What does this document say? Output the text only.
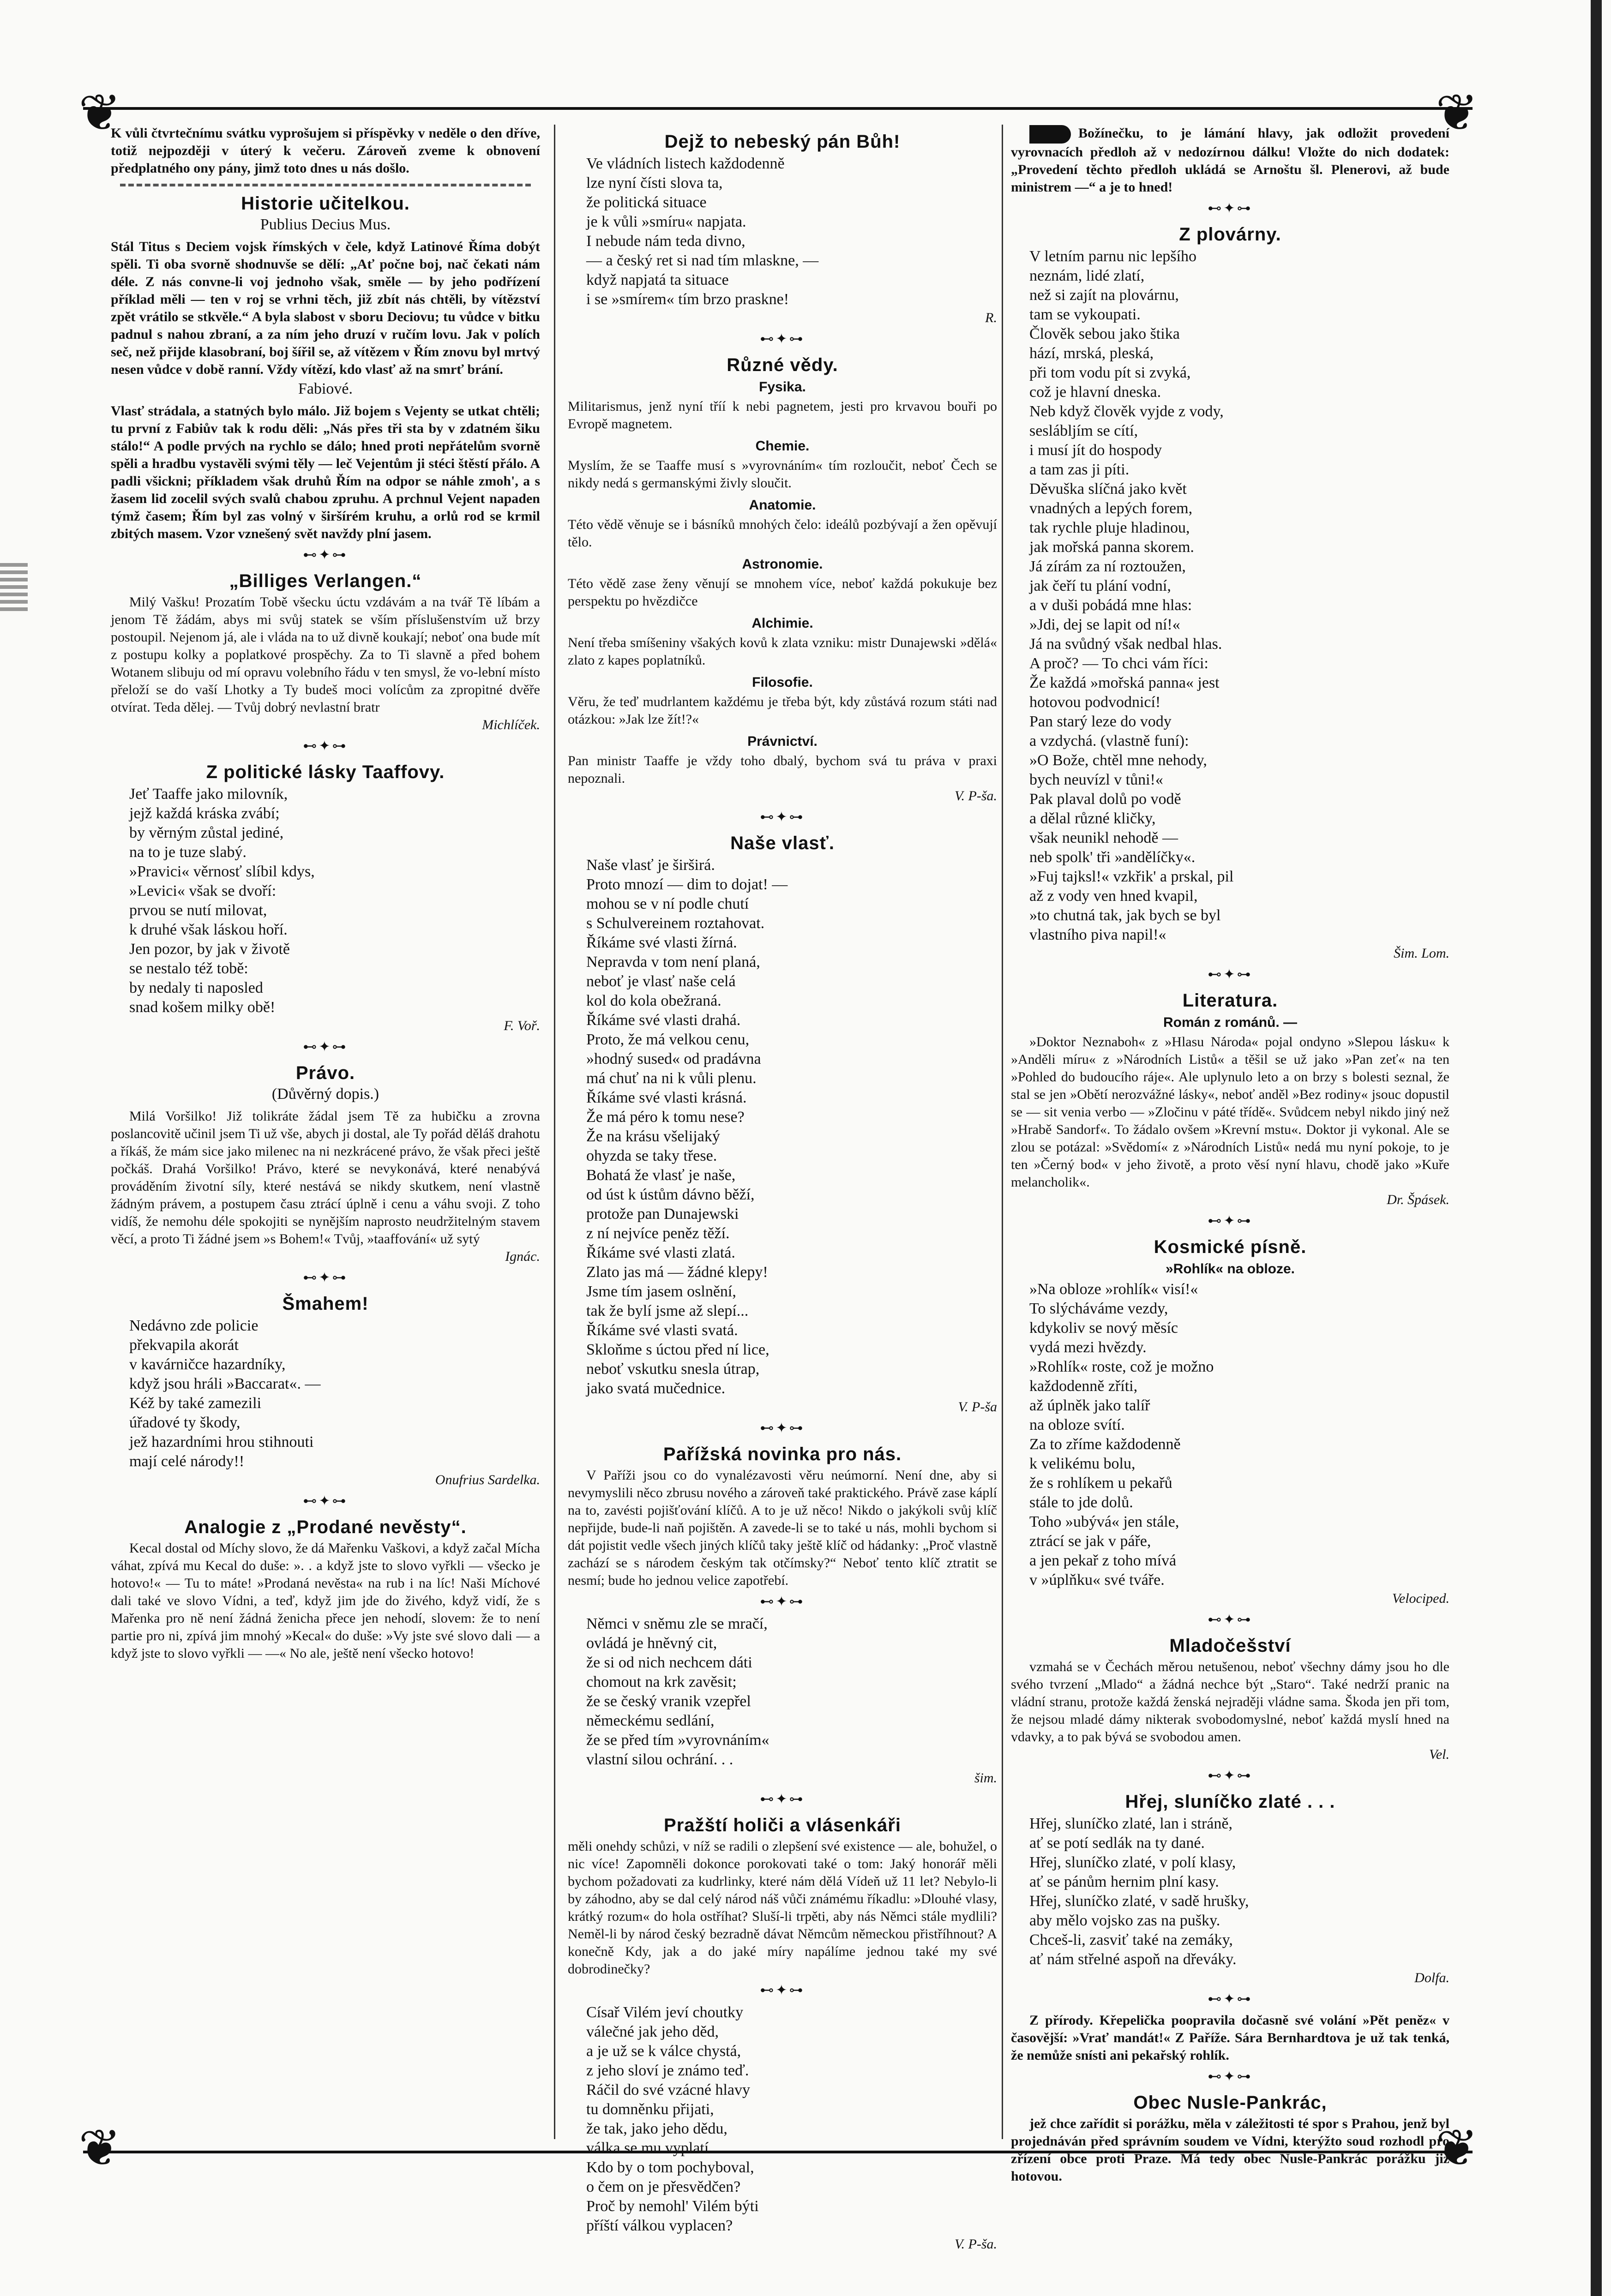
❦	❦
❦	❦

K vůli čtvrtečnímu svátku vyprošujem si příspěvky v neděle o den dříve, totiž nejpozději v úterý k večeru. Zároveň zveme k obnovení předplatného ony pány, jimž toto dnes u nás došlo.

Historie učitelkou.
Publius Decius Mus.

Stál Titus s Deciem vojsk římských v čele, když Latinové Říma dobýt spěli. Ti oba svorně shodnuvše se dělí: „Ať počne boj, nač čekati nám déle. Z nás convne-li voj jednoho však, směle — by jeho podřízení příklad měli — ten v roj se vrhni těch, již zbít nás chtěli, by vítězství zpět vrátilo se stkvěle.“ A byla slabost v sboru Deciovu; tu vůdce v bitku padnul s nahou zbraní, a za ním jeho druzí v ručím lovu. Jak v polích seč, než přijde klasobraní, boj šířil se, až vítězem v Řím znovu byl mrtvý nesen vůdce v době ranní. Vždy vítězí, kdo vlasť až na smrť brání.

Fabiové.

Vlasť strádala, a statných bylo málo. Již bojem s Vejenty se utkat chtěli; tu první z Fabiův tak k rodu děli: „Nás přes tři sta by v zdatném šiku stálo!“ A podle prvých na rychlo se dálo; hned proti nepřátelům svorně spěli a hradbu vystavěli svými těly — leč Vejentům ji stéci štěstí přálo. A padli všickni; příkladem však druhů Řím na odpor se náhle zmoh', a s žasem lid zocelil svých svalů chabou zpruhu. A prchnul Vejent napaden týmž časem; Řím byl zas volný v širšírém kruhu, a orlů rod se krmil zbitých masem. Vzor vznešený svět navždy plní jasem.

⊷✦⊶
„Billiges Verlangen.“

Milý Vašku! Prozatím Tobě všecku úctu vzdávám a na tvář Tě líbám a jenom Tě žádám, abys mi svůj statek se vším příslušenstvím už brzy postoupil. Nejenom já, ale i vláda na to už divně koukají; neboť ona bude mít z postupu kolky a poplatkové prospěchy. Za to Ti slavně a před bohem Wotanem slibuju od mí opravu volebního řádu v ten smysl, že vo-lební místo přeloží se do vaší Lhotky a Ty budeš moci volícům za zpropitné dvěře otvírat. Teda dělej. — Tvůj dobrý nevlastní bratr

Michlíček.
⊷✦⊶
Z politické lásky Taaffovy.
Jeť Taaffe jako milovník,
jejž každá kráska zvábí;
by věrným zůstal jediné,
na to je tuze slabý.
»Pravici« věrnosť slíbil kdys,
»Levici« však se dvoří:
prvou se nutí milovat,
k druhé však láskou hoří.
Jen pozor, by jak v životě
se nestalo též tobě:
by nedaly ti naposled
snad košem milky obě!
F. Voř.
⊷✦⊶
Právo.
(Důvěrný dopis.)

Milá Voršilko! Již tolikráte žádal jsem Tě za hubičku a zrovna poslancovitě učinil jsem Ti už vše, abych ji dostal, ale Ty pořád děláš drahotu a říkáš, že mám sice jako milenec na ni nezkrácené právo, že však přeci ještě počkáš. Drahá Voršilko! Právo, které se nevykonává, které nenabývá prováděním životní síly, které nestává se nikdy skutkem, není vlastně žádným právem, a postupem času ztrácí úplně i cenu a váhu svoji. Z toho vidíš, že nemohu déle spokojiti se nynějším naprosto neudržitelným stavem věcí, a proto Ti žádné jsem »s Bohem!« Tvůj, »taaffování« už sytý

Ignác.
⊷✦⊶
Šmahem!
Nedávno zde policie
překvapila akorát
v kavárničce hazardníky,
když jsou hráli »Baccarat«. —
Kéž by také zamezili
úřadové ty škody,
jež hazardními hrou stihnouti
mají celé národy!!
Onufrius Sardelka.
⊷✦⊶
Analogie z „Prodané nevěsty“.

Kecal dostal od Míchy slovo, že dá Mařenku Vaškovi, a když začal Mícha váhat, zpívá mu Kecal do duše: ». . a když jste to slovo vyřkli — všecko je hotovo!« — Tu to máte! »Prodaná nevěsta« na rub i na líc! Naši Míchové dali také ve slovo Vídni, a teď, když jim jde do živého, když vidí, že s Mařenka pro ně není žádná ženicha přece jen nehodí, slovem: že to není partie pro ni, zpívá jim mnohý »Kecal« do duše: »Vy jste své slovo dali — a když jste to slovo vyřkli — —« No ale, ještě není všecko hotovo!

Dejž to nebeský pán Bůh!
Ve vládních listech každodenně
lze nyní čísti slova ta,
že politická situace
je k vůli »smíru« napjata.
I nebude nám teda divno,
— a český ret si nad tím mlaskne, —
když napjatá ta situace
i se »smírem« tím brzo praskne!
R.
⊷✦⊶
Různé vědy.
Fysika.

Militarismus, jenž nyní tříí k nebi pagnetem, jesti pro krvavou bouři po Evropě magnetem.

Chemie.

Myslím, že se Taaffe musí s »vyrovnáním« tím rozloučit, neboť Čech se nikdy nedá s germanskými živly sloučit.

Anatomie.

Této vědě věnuje se i básníků mnohých čelo: ideálů pozbývají a žen opěvují tělo.

Astronomie.

Této vědě zase ženy věnují se mnohem více, neboť každá pokukuje bez perspektu po hvězdičce

Alchimie.

Není třeba smíšeniny všakých kovů k zlata vzniku: mistr Dunajewski »dělá« zlato z kapes poplatníků.

Filosofie.

Věru, že teď mudrlantem každému je třeba být, kdy zůstává rozum státi nad otázkou: »Jak lze žít!?«

Právnictví.

Pan ministr Taaffe je vždy toho dbalý, bychom svá tu práva v praxi nepoznali.

V. P-ša.
⊷✦⊶
Naše vlasť.
Naše vlasť je širširá.
Proto mnozí — dim to dojat! —
mohou se v ní podle chutí
s Schulvereinem roztahovat.
Říkáme své vlasti žírná.
Nepravda v tom není planá,
neboť je vlasť naše celá
kol do kola obežraná.
Říkáme své vlasti drahá.
Proto, že má velkou cenu,
»hodný sused« od pradávna
má chuť na ni k vůli plenu.
Říkáme své vlasti krásná.
Že má péro k tomu nese?
Že na krásu všelijaký
ohyzda se taky třese.
Bohatá že vlasť je naše,
od úst k ústům dávno běží,
protože pan Dunajewski
z ní nejvíce peněz těží.
Říkáme své vlasti zlatá.
Zlato jas má — žádné klepy!
Jsme tím jasem oslnění,
tak že bylí jsme až slepí...
Říkáme své vlasti svatá.
Skloňme s úctou před ní lice,
neboť vskutku snesla útrap,
jako svatá mučednice.
V. P-ša
⊷✦⊶
Pařížská novinka pro nás.

V Paříži jsou co do vynalézavosti věru neúmorní. Není dne, aby si nevymyslili něco zbrusu nového a zároveň také praktického. Právě zase káplí na to, zavésti pojišťování klíčů. A to je už něco! Nikdo o jakýkoli svůj klíč nepřijde, bude-li naň pojištěn. A zavede-li se to také u nás, mohli bychom si dát pojistit vedle všech jiných klíčů taky ještě klíč od hádanky: „Proč vlastně zachází se s národem českým tak otčímsky?“ Neboť tento klíč ztratit se nesmí; bude ho jednou velice zapotřebí.

⊷✦⊶
Němci v sněmu zle se mračí,
ovládá je hněvný cit,
že si od nich nechcem dáti
chomout na krk zavěsit;
že se český vranik vzepřel
německému sedlání,
že se před tím »vyrovnáním«
vlastní silou ochrání. . .
šim.
⊷✦⊶
Pražští holiči a vlásenkáři

měli onehdy schůzi, v níž se radili o zlepšení své existence — ale, bohužel, o nic více! Zapomněli dokonce porokovati také o tom: Jaký honorář měli bychom požadovati za kudrlinky, které nám dělá Vídeň už 11 let? Nebylo-li by záhodno, aby se dal celý národ náš vůči známému říkadlu: »Dlouhé vlasy, krátký rozum« do hola ostříhat? Sluší-li trpěti, aby nás Němci stále mydlili? Neměl-li by národ český bezradně dávat Němcům německou přistříhnout? A konečně Kdy, jak a do jaké míry napálíme jednou také my své dobrodinečky?

⊷✦⊶
Císař Vilém jeví choutky
válečné jak jeho děd,
a je už se k válce chystá,
z jeho sloví je známo teď.
Ráčil do své vzácné hlavy
tu domněnku přijati,
že tak, jako jeho dědu,
válka se mu vyplatí.
Kdo by o tom pochyboval,
o čem on je přesvědčen?
Proč by nemohl' Vilém býti
příští válkou vyplacen?
V. P-ša.

Božínečku, to je lámání hlavy, jak odložit provedení vyrovnacích předloh až v nedozírnou dálku! Vložte do nich dodatek: „Provedení těchto předloh ukládá se Arnoštu šl. Plenerovi, až bude ministrem —“ a je to hned!

⊷✦⊶
Z plovárny.
V letním parnu nic lepšího
neznám, lidé zlatí,
než si zajít na plovárnu,
tam se vykoupati.
Člověk sebou jako štika
hází, mrská, pleská,
při tom vodu pít si zvyká,
což je hlavní dneska.
Neb když člověk vyjde z vody,
seslábljím se cítí,
i musí jít do hospody
a tam zas ji píti.
Děvuška slíčná jako květ
vnadných a lepých forem,
tak rychle pluje hladinou,
jak mořská panna skorem.
Já zírám za ní roztoužen,
jak čeří tu plání vodní,
a v duši pobádá mne hlas:
»Jdi, dej se lapit od ní!«
Já na svůdný však nedbal hlas.
A proč? — To chci vám říci:
Že každá »mořská panna« jest
hotovou podvodnicí!
Pan starý leze do vody
a vzdychá. (vlastně funí):
»O Bože, chtěl mne nehody,
bych neuvízl v tůni!«
Pak plaval dolů po vodě
a dělal různé kličky,
však neunikl nehodě —
neb spolk' tři »andělíčky«.
»Fuj tajksl!« vzkřik' a prskal, pil
až z vody ven hned kvapil,
»to chutná tak, jak bych se byl
vlastního piva napil!«
Šim. Lom.
⊷✦⊶
Literatura.
Román z románů. —

»Doktor Neznaboh« z »Hlasu Národa« pojal ondyno »Slepou lásku« k »Anděli míru« z »Národních Listů« a těšil se už jako »Pan zeť« na ten »Pohled do budoucího ráje«. Ale uplynulo leto a on brzy s bolesti seznal, že stal se jen »Obětí nerozvážné lásky«, neboť anděl »Bez rodiny« jsouc dopustil se — sit venia verbo — »Zločinu v páté třídě«. Svůdcem nebyl nikdo jiný než »Hrabě Sandorf«. To žádalo ovšem »Krevní mstu«. Doktor ji vykonal. Ale se zlou se potázal: »Svědomí« z »Národních Listů« nedá mu nyní pokoje, to je ten »Černý bod« v jeho životě, a proto věsí nyní hlavu, chodě jako »Kuře melancholik«.

Dr. Špásek.
⊷✦⊶
Kosmické písně.
»Rohlík« na obloze.
»Na obloze »rohlík« visí!«
To slýcháváme vezdy,
kdykoliv se nový měsíc
vydá mezi hvězdy.
»Rohlík« roste, což je možno
každodenně zříti,
až úplněk jako talíř
na obloze svítí.
Za to zříme každodenně
k velikému bolu,
že s rohlíkem u pekařů
stále to jde dolů.
Toho »ubývá« jen stále,
ztrácí se jak v páře,
a jen pekař z toho mívá
v »úplňku« své tváře.
Velociped.
⊷✦⊶
Mladočešství

vzmahá se v Čechách měrou netušenou, neboť všechny dámy jsou ho dle svého tvrzení „Mlado“ a žádná nechce být „Staro“. Také nedrží pranic na vládní stranu, protože každá ženská nejraději vládne sama. Škoda jen při tom, že nejsou mladé dámy nikterak svobodomyslné, neboť každá myslí hned na vdavky, a to pak bývá se svobodou amen.

Vel.
⊷✦⊶
Hřej, sluníčko zlaté . . .
Hřej, sluníčko zlaté, lan i stráně,
ať se potí sedlák na ty dané.
Hřej, sluníčko zlaté, v polí klasy,
ať se pánům hernim plní kasy.
Hřej, sluníčko zlaté, v sadě hrušky,
aby mělo vojsko zas na pušky.
Chceš-li, zasviť také na zemáky,
ať nám střelné aspoň na dřeváky.
Dolfa.
⊷✦⊶

Z přírody. Křepelička poopravila dočasně své volání »Pět peněz« v časovější: »Vrať mandát!« Z Paříže. Sára Bernhardtova je už tak tenká, že nemůže snísti ani pekařský rohlík.

⊷✦⊶
Obec Nusle-Pankrác,

jež chce zařídit si porážku, měla v záležitosti té spor s Prahou, jenž byl projednáván před správním soudem ve Vídni, kterýžto soud rozhodl pro zřízení obce proti Praze. Má tedy obec Nusle-Pankrác porážku již hotovou.
